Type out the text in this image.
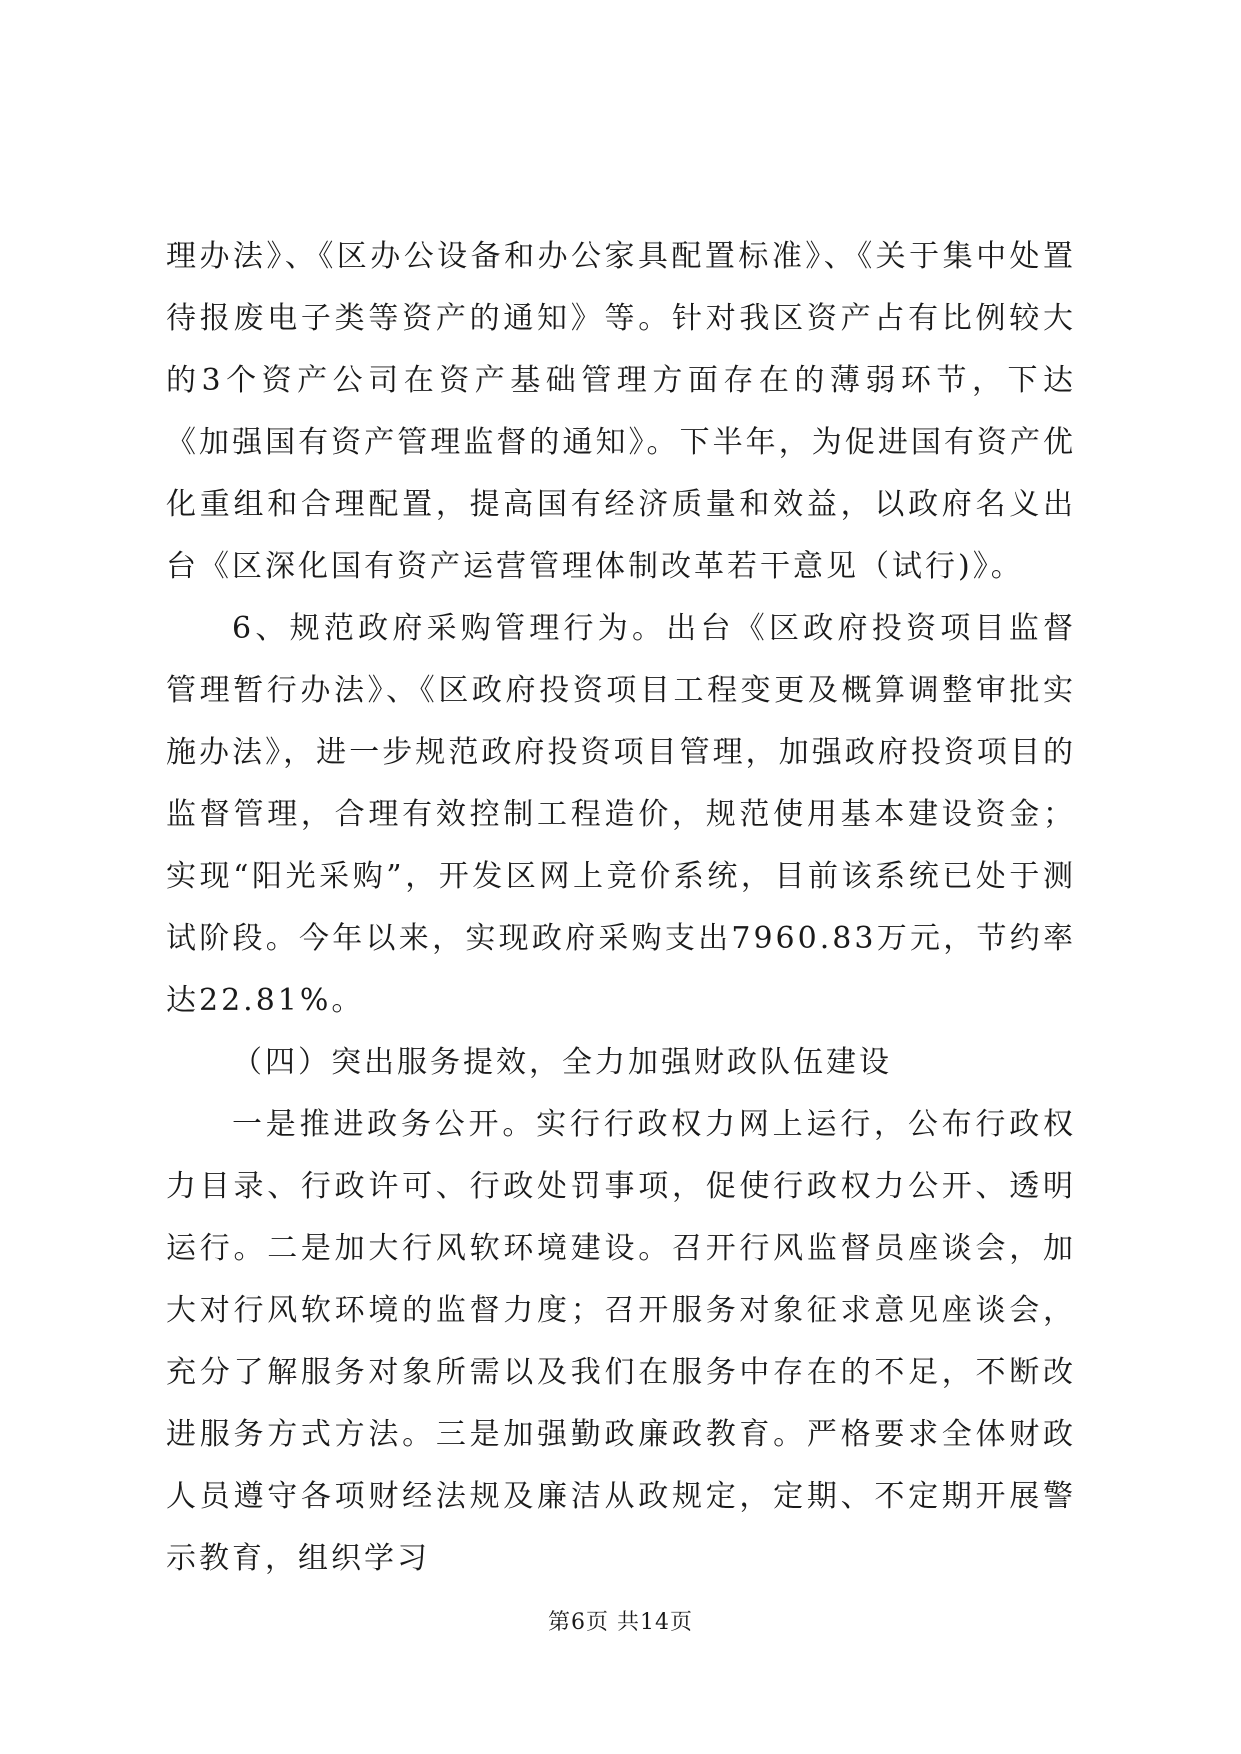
理办法》、《区办公设备和办公家具配置标准》、《关于集中处置待报废电子类等资产的通知》等。针对我区资产占有比例较大的3个资产公司在资产基础管理方面存在的薄弱环节，下达《加强国有资产管理监督的通知》。下半年，为促进国有资产优化重组和合理配置，提高国有经济质量和效益，以政府名义出台《区深化国有资产运营管理体制改革若干意见（试行)》。

6、规范政府采购管理行为。出台《区政府投资项目监督管理暂行办法》、《区政府投资项目工程变更及概算调整审批实施办法》，进一步规范政府投资项目管理，加强政府投资项目的监督管理，合理有效控制工程造价，规范使用基本建设资金；实现“阳光采购”，开发区网上竞价系统，目前该系统已处于测试阶段。今年以来，实现政府采购支出7960.83万元，节约率达22.81%。

（四）突出服务提效，全力加强财政队伍建设

一是推进政务公开。实行行政权力网上运行，公布行政权力目录、行政许可、行政处罚事项，促使行政权力公开、透明运行。二是加大行风软环境建设。召开行风监督员座谈会，加大对行风软环境的监督力度；召开服务对象征求意见座谈会，充分了解服务对象所需以及我们在服务中存在的不足，不断改进服务方式方法。三是加强勤政廉政教育。严格要求全体财政人员遵守各项财经法规及廉洁从政规定，定期、不定期开展警示教育，组织学习

第6页 共14页
